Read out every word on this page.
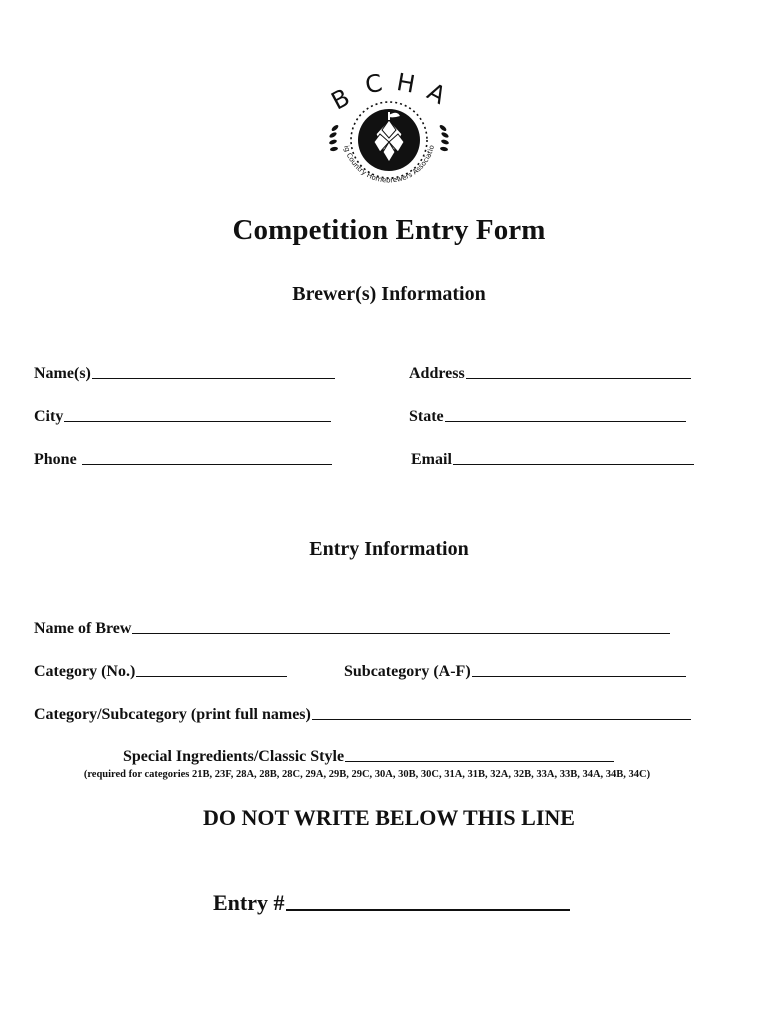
B C H A
ig Country Homebrewers Associatio
Competition Entry Form
Brewer(s) Information
Name(s)	Address
City	State
Phone	Email
Entry Information
Name of Brew
Category (No.)	Subcategory (A-F)
Category/Subcategory (print full names)
Special Ingredients/Classic Style
(required for categories 21B, 23F, 28A, 28B, 28C, 29A, 29B, 29C, 30A, 30B, 30C, 31A, 31B, 32A, 32B, 33A, 33B, 34A, 34B, 34C)
DO NOT WRITE BELOW THIS LINE
Entry #
